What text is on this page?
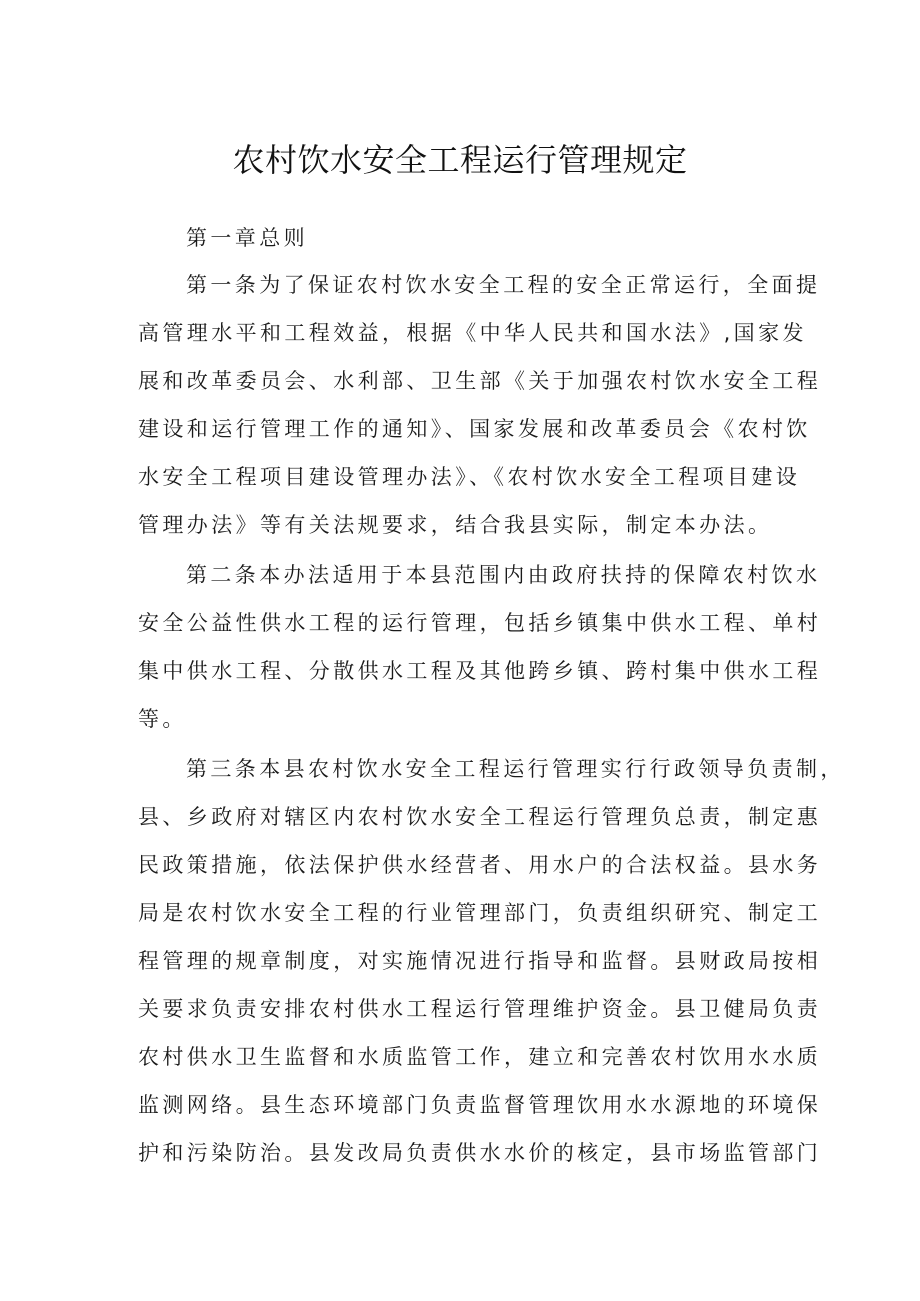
农村饮水安全工程运行管理规定
第一章总则
第一条为了保证农村饮水安全工程的安全正常运行，全面提
高管理水平和工程效益，根据《中华人民共和国水法》,国家发
展和改革委员会、水利部、卫生部《关于加强农村饮水安全工程
建设和运行管理工作的通知》、国家发展和改革委员会《农村饮
水安全工程项目建设管理办法》、《农村饮水安全工程项目建设
管理办法》等有关法规要求，结合我县实际，制定本办法。
第二条本办法适用于本县范围内由政府扶持的保障农村饮水
安全公益性供水工程的运行管理，包括乡镇集中供水工程、单村
集中供水工程、分散供水工程及其他跨乡镇、跨村集中供水工程
等。
第三条本县农村饮水安全工程运行管理实行行政领导负责制，
县、乡政府对辖区内农村饮水安全工程运行管理负总责，制定惠
民政策措施，依法保护供水经营者、用水户的合法权益。县水务
局是农村饮水安全工程的行业管理部门，负责组织研究、制定工
程管理的规章制度，对实施情况进行指导和监督。县财政局按相
关要求负责安排农村供水工程运行管理维护资金。县卫健局负责
农村供水卫生监督和水质监管工作，建立和完善农村饮用水水质
监测网络。县生态环境部门负责监督管理饮用水水源地的环境保
护和污染防治。县发改局负责供水水价的核定，县市场监管部门
